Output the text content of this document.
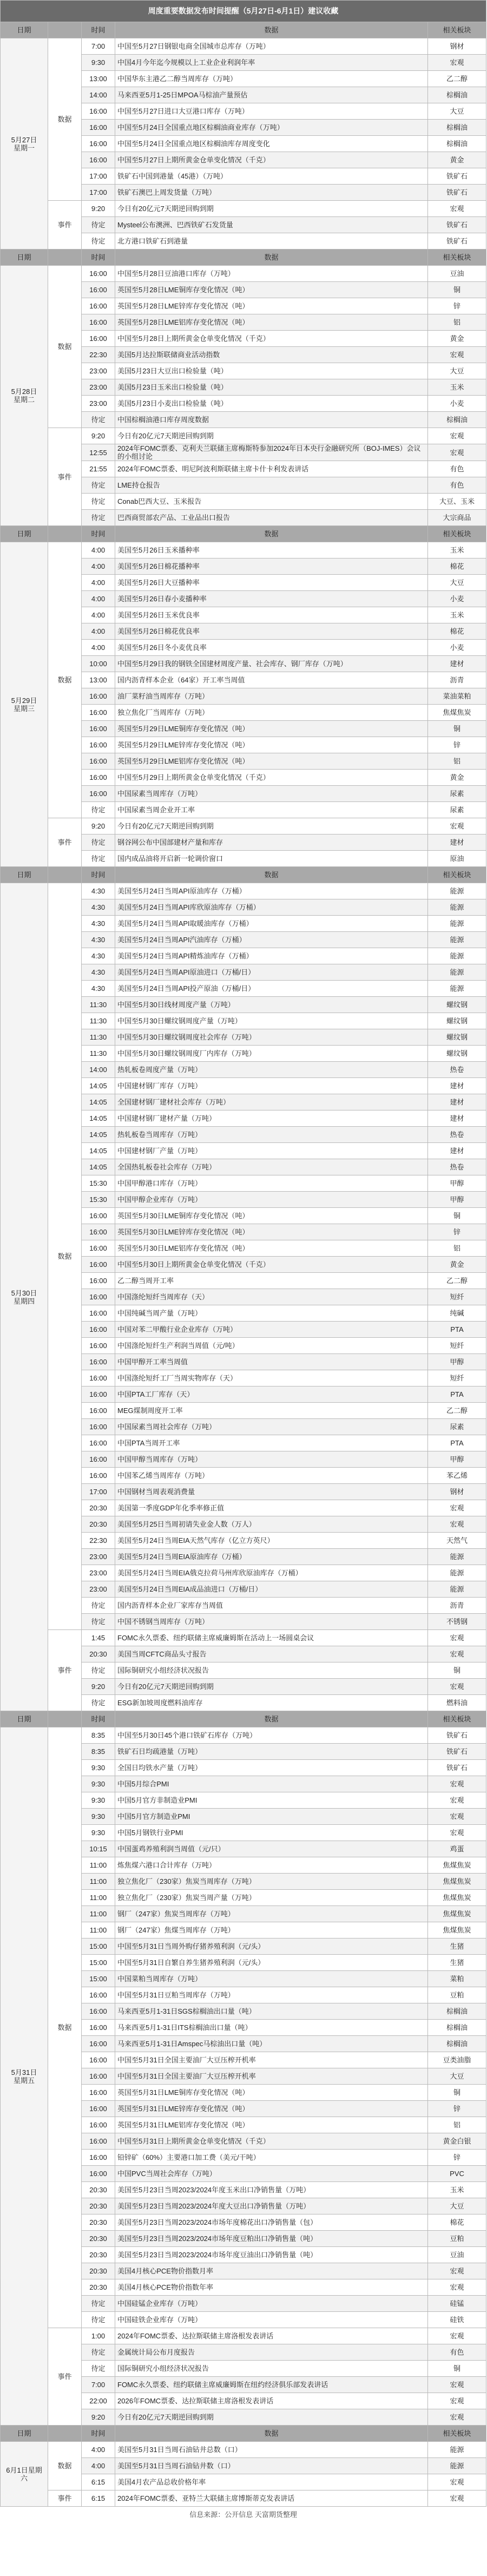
周度重要数据发布时间提醒（5月27日-6月1日）建议收藏				
日期		时间	数据	相关板块

5月27日
星期一	数据	7:00	中国至5月27日钢银电商全国城市总库存（万吨）	钢材
		9:30	中国4月今年迄今规模以上工业企业利润年率	宏观
		13:00	中国华东主港乙二醇当周库存（万吨）	乙二醇
		14:00	马来西亚5月1-25日MPOA马棕油产量预估	棕榈油
		16:00	中国至5月27日进口大豆港口库存（万吨）	大豆
		16:00	中国至5月24日全国重点地区棕榈油商业库存（万吨）	棕榈油
		16:00	中国至5月24日全国重点地区棕榈油库存周度变化	棕榈油
		16:00	中国至5月27日上期所黄金仓单变化情况（千克）	黄金
		17:00	铁矿石中国到港量（45港）（万吨）	铁矿石
		17:00	铁矿石澳巴上周发货量（万吨）	铁矿石
	事件	9:20	今日有20亿元7天期逆回购到期	宏观
		待定	Mysteel公布澳洲、巴西铁矿石发货量	铁矿石
		待定	北方港口铁矿石到港量	铁矿石
日期		时间	数据	相关板块

5月28日
星期二	数据	16:00	中国至5月28日豆油港口库存（万吨）	豆油
		16:00	英国至5月28日LME铜库存变化情况（吨）	铜
		16:00	英国至5月28日LME锌库存变化情况（吨）	锌
		16:00	英国至5月28日LME铝库存变化情况（吨）	铝
		16:00	中国至5月28日上期所黄金仓单变化情况（千克）	黄金
		22:30	美国5月达拉斯联储商业活动指数	宏观
		23:00	美国5月23日大豆出口检验量（吨）	大豆
		23:00	美国5月23日玉米出口检验量（吨）	玉米
		23:00	美国5月23日小麦出口检验量（吨）	小麦
		待定	中国棕榈油港口库存周度数据	棕榈油
	事件	9:20	今日有20亿元7天期逆回购到期	宏观
		12:55	2024年FOMC票委、克利夫兰联储主席梅斯特参加2024年日本央行金融研究所（BOJ-IMES）会议的小组讨论	宏观
		21:55	2024年FOMC票委、明尼阿波利斯联储主席卡什卡利发表讲话	有色
		待定	LME持仓报告	有色
		待定	Conab巴西大豆、玉米报告	大豆、玉米
		待定	巴西商贸部农产品、工业品出口报告	大宗商品
日期		时间	数据	相关板块

5月29日
星期三	数据	4:00	美国至5月26日玉米播种率	玉米
		4:00	美国至5月26日棉花播种率	棉花
		4:00	美国至5月26日大豆播种率	大豆
		4:00	美国至5月26日春小麦播种率	小麦
		4:00	美国至5月26日玉米优良率	玉米
		4:00	美国至5月26日棉花优良率	棉花
		4:00	美国至5月26日冬小麦优良率	小麦
		10:00	中国至5月29日我的钢铁全国建材周度产量、社会库存、钢厂库存（万吨）	建材
		13:00	国内沥青样本企业（64家）开工率当周值	沥青
		16:00	油厂菜籽油当周库存（万吨）	菜油菜粕
		16:00	独立焦化厂当周库存（万吨）	焦煤焦炭
		16:00	英国至5月29日LME铜库存变化情况（吨）	铜
		16:00	英国至5月29日LME锌库存变化情况（吨）	锌
		16:00	英国至5月29日LME铝库存变化情况（吨）	铝
		16:00	中国至5月29日上期所黄金仓单变化情况（千克）	黄金
		16:00	中国尿素当周库存（万吨）	尿素
		待定	中国尿素当周企业开工率	尿素
	事件	9:20	今日有20亿元7天期逆回购到期	宏观
		待定	钢谷网公布中国部建材产量和库存	建材
		待定	国内成品油将开启新一轮调价窗口	原油
日期		时间	数据	相关板块

5月30日
星期四	数据	4:30	美国至5月24日当周API原油库存（万桶）	能源
		4:30	美国至5月24日当周API库欣原油库存（万桶）	能源
		4:30	美国至5月24日当周API取暖油库存（万桶）	能源
		4:30	美国至5月24日当周API汽油库存（万桶）	能源
		4:30	美国至5月24日当周API精炼油库存（万桶）	能源
		4:30	美国至5月24日当周API原油进口（万桶/日）	能源
		4:30	美国至5月24日当周API投产原油（万桶/日）	能源
		11:30	中国至5月30日线材周度产量（万吨）	螺纹钢
		11:30	中国至5月30日螺纹钢周度产量（万吨）	螺纹钢
		11:30	中国至5月30日螺纹钢周度社会库存（万吨）	螺纹钢
		11:30	中国至5月30日螺纹钢周度厂内库存（万吨）	螺纹钢
		14:00	热轧板卷周度产量（万吨）	热卷
		14:05	中国建材钢厂库存（万吨）	建材
		14:05	全国建材钢厂建材社会库存（万吨）	建材
		14:05	中国建材钢厂建材产量（万吨）	建材
		14:05	热轧板卷当周库存（万吨）	热卷
		14:05	中国建材钢厂产量（万吨）	建材
		14:05	全国热轧板卷社会库存（万吨）	热卷
		15:30	中国甲醇港口库存（万吨）	甲醇
		15:30	中国甲醇企业库存（万吨）	甲醇
		16:00	英国至5月30日LME铜库存变化情况（吨）	铜
		16:00	英国至5月30日LME锌库存变化情况（吨）	锌
		16:00	英国至5月30日LME铝库存变化情况（吨）	铝
		16:00	中国至5月30日上期所黄金仓单变化情况（千克）	黄金
		16:00	乙二醇当周开工率	乙二醇
		16:00	中国涤纶短纤当周库存（天）	短纤
		16:00	中国纯碱当周产量（万吨）	纯碱
		16:00	中国对苯二甲酸行业企业库存（万吨）	PTA
		16:00	中国涤纶短纤生产利润当周值（元/吨）	短纤
		16:00	中国甲醇开工率当周值	甲醇
		16:00	中国涤纶短纤工厂当周实物库存（天）	短纤
		16:00	中国PTA工厂库存（天）	PTA
		16:00	MEG煤制周度开工率	乙二醇
		16:00	中国尿素当周社会库存（万吨）	尿素
		16:00	中国PTA当周开工率	PTA
		16:00	中国甲醇当周库存（万吨）	甲醇
		16:00	中国苯乙烯当周库存（万吨）	苯乙烯
		17:00	中国钢材当周表观消费量	钢材
		20:30	美国第一季度GDP年化季率修正值	宏观
		20:30	美国至5月25日当周初请失业金人数（万人）	宏观
		22:30	美国至5月24日当周EIA天然气库存（亿立方英尺）	天然气
		23:00	美国至5月24日当周EIA原油库存（万桶）	能源
		23:00	美国至5月24日当周EIA俄克拉荷马州库欣原油库存（万桶）	能源
		23:00	美国至5月24日当周EIA成品油进口（万桶/日）	能源
		待定	国内沥青样本企业厂家库存当周值	沥青
		待定	中国不锈钢当周库存（万吨）	不锈钢
	事件	1:45	FOMC永久票委、纽约联储主席威廉姆斯在活动上一场圆桌会议	宏观
		20:30	美国当周CFTC商品头寸报告	宏观
		待定	国际铜研究小组经济状况报告	铜
		9:20	今日有20亿元7天期逆回购到期	宏观
		待定	ESG新加坡周度燃料油库存	燃料油
日期		时间	数据	相关板块

5月31日
星期五	数据	8:35	中国至5月30日45个港口铁矿石库存（万吨）	铁矿石
		8:35	铁矿石日均疏港量（万吨）	铁矿石
		9:30	全国日均铁水产量（万吨）	铁矿石
		9:30	中国5月综合PMI	宏观
		9:30	中国5月官方非制造业PMI	宏观
		9:30	中国5月官方制造业PMI	宏观
		9:30	中国5月钢铁行业PMI	宏观
		10:15	中国蛋鸡养殖利润当周值（元/只）	鸡蛋
		11:00	炼焦煤六港口合计库存（万吨）	焦煤焦炭
		11:00	独立焦化厂（230家）焦炭当周库存（万吨）	焦煤焦炭
		11:00	独立焦化厂（230家）焦炭当周产量（万吨）	焦煤焦炭
		11:00	钢厂（247家）焦炭当周库存（万吨）	焦煤焦炭
		11:00	钢厂（247家）焦煤当周库存（万吨）	焦煤焦炭
		15:00	中国至5月31日当周外购仔猪养殖利润（元/头）	生猪
		15:00	中国至5月31日自繁自养生猪养殖利润（元/头）	生猪
		15:00	中国菜粕当周库存（万吨）	菜粕
		16:00	中国至5月31日豆粕当周库存（万吨）	豆粕
		16:00	马来西亚5月1-31日SGS棕榈油出口量（吨）	棕榈油
		16:00	马来西亚5月1-31日ITS棕榈油出口量（吨）	棕榈油
		16:00	马来西亚5月1-31日Amspec马棕油出口量（吨）	棕榈油
		16:00	中国至5月31日全国主要油厂大豆压榨开机率	豆类油脂
		16:00	中国至5月31日全国主要油厂大豆压榨开机率	大豆
		16:00	英国至5月31日LME铜库存变化情况（吨）	铜
		16:00	英国至5月31日LME锌库存变化情况（吨）	锌
		16:00	英国至5月31日LME铝库存变化情况（吨）	铝
		16:00	中国至5月31日上期所黄金仓单变化情况（千克）	黄金白银
		16:00	铅锌矿（60%）主要港口加工费（美元/干吨）	锌
		16:00	中国PVC当周社会库存（万吨）	PVC
		20:30	美国至5月23日当周2023/2024年度玉米出口净销售量（万吨）	玉米
		20:30	美国至5月23日当周2023/2024年度大豆出口净销售量（万吨）	大豆
		20:30	美国至5月23日当周2023/2024市场年度棉花出口净销售量（包）	棉花
		20:30	美国至5月23日当周2023/2024市场年度豆粕出口净销售量（吨）	豆粕
		20:30	美国至5月23日当周2023/2024市场年度豆油出口净销售量（吨）	豆油
		20:30	美国4月核心PCE物价指数月率	宏观
		20:30	美国4月核心PCE物价指数年率	宏观
		待定	中国硅锰企业库存（万吨）	硅锰
		待定	中国硅铁企业库存（万吨）	硅铁
	事件	1:00	2024年FOMC票委、达拉斯联储主席洛根发表讲话	宏观
		待定	金属统计局公布月度报告	有色
		待定	国际铜研究小组经济状况报告	铜
		7:00	FOMC永久票委、纽约联储主席威廉姆斯在纽约经济俱乐部发表讲话	宏观
		22:00	2026年FOMC票委、达拉斯联储主席洛根发表讲话	宏观
		9:20	今日有20亿元7天期逆回购到期	宏观
日期		时间	数据	相关板块

6月1日星期六	数据	4:00	美国至5月31日当周石油钻井总数（口）	能源
		4:00	美国至5月31日当周石油钻井数（口）	能源
		6:15	美国4月农产品总收价格年率	宏观
	事件	6:15	2024年FOMC票委、亚特兰大联储主席博斯蒂克发表讲话	宏观
信息来源：公开信息 天富期货整理				
